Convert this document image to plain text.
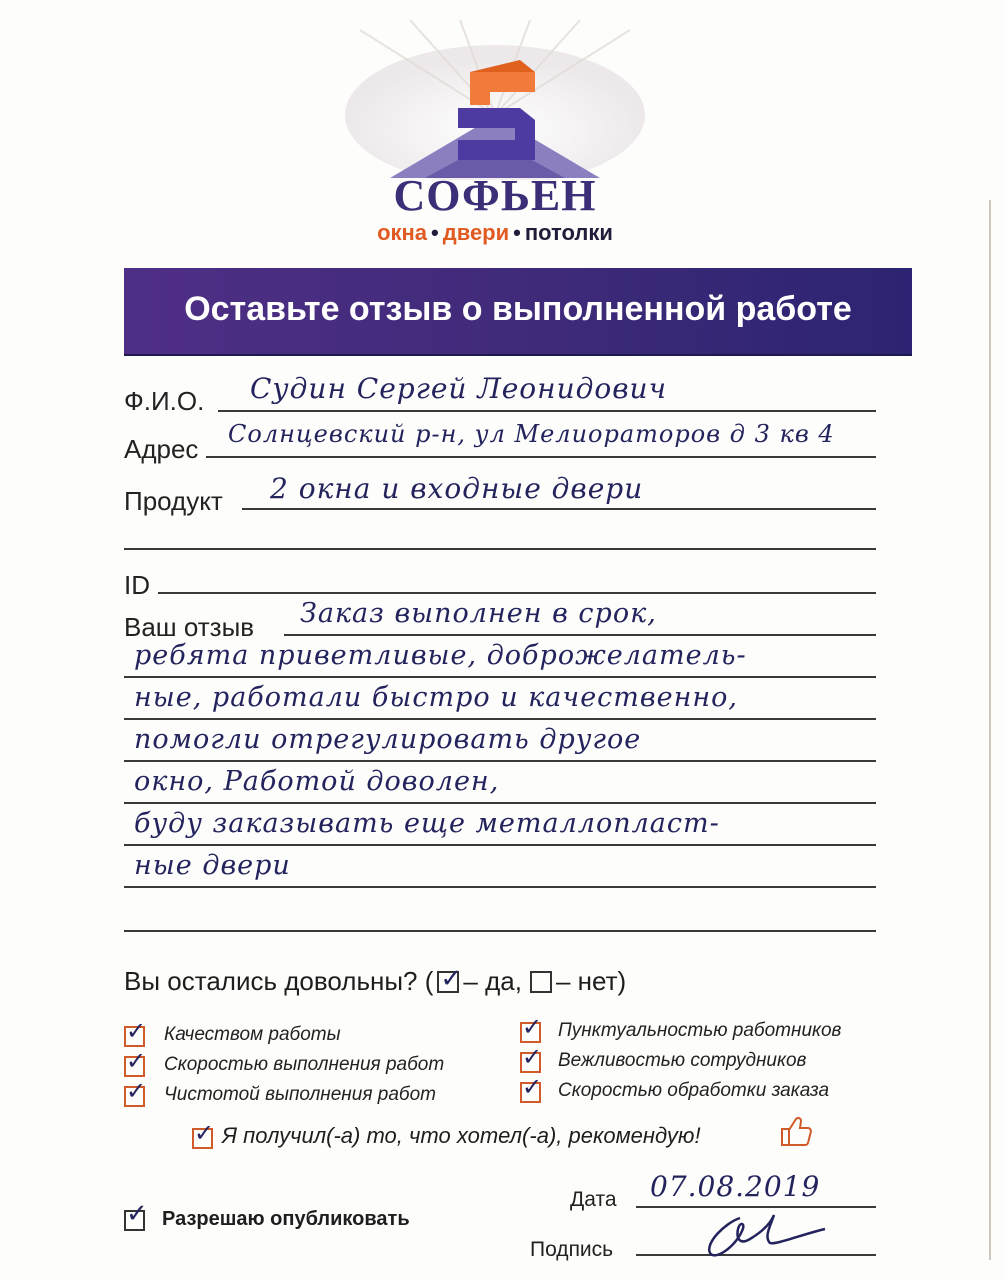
СОФЬЕН
окна • двери • потолки
Оставьте отзыв о выполненной работе
Ф.И.О. Судин Сергей Леонидович
Адрес Солнцевский р-н, ул Мелиораторов д 3 кв 4
Продукт 2 окна и входные двери
ID
Ваш отзыв Заказ выполнен в срок,
ребята приветливые, доброжелатель-
ные, работали быстро и качественно,
помогли отрегулировать другое
окно, Работой доволен,
буду заказывать еще металлопласт-
ные двери
Вы остались довольны? ( ✓ – да, – нет)
✓ Качеством работы
✓ Скоростью выполнения работ
✓ Чистотой выполнения работ
✓ Пунктуальностью работников
✓ Вежливостью сотрудников
✓ Скоростью обработки заказа
✓ Я получил(-а) то, что хотел(-а), рекомендую!
Дата 07.08.2019
✓ Разрешаю опубликовать
Подпись
